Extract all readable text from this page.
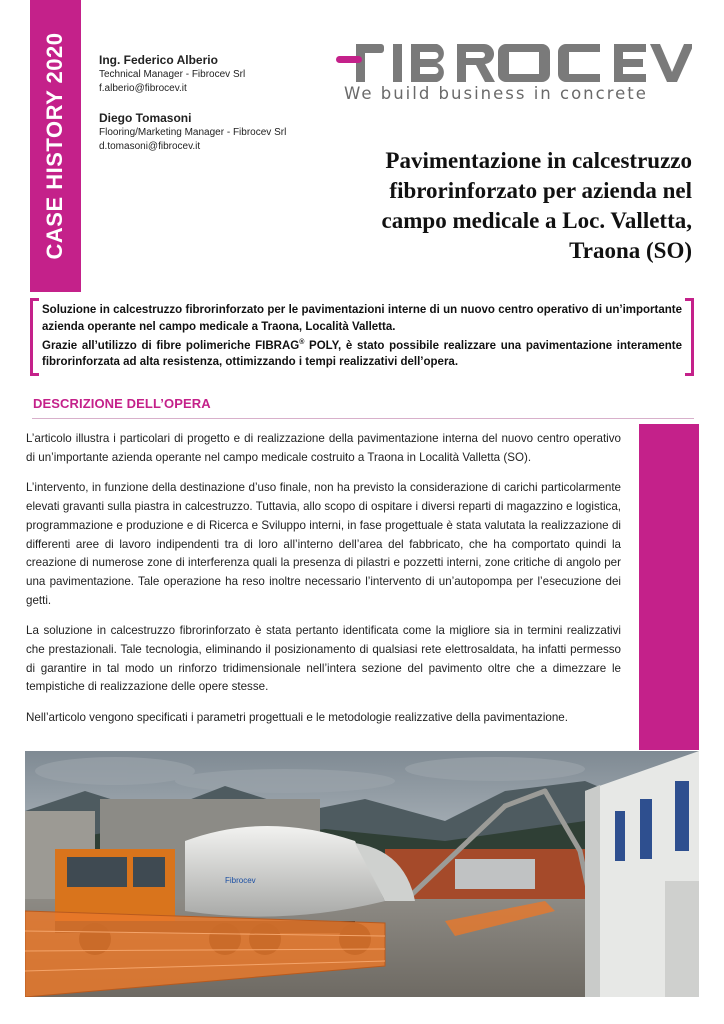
CASE HISTORY 2020	Ing. Federico Alberio
Technical Manager - Fibrocev Srl
f.alberio@fibrocev.it
Diego Tomasoni
Flooring/Marketing Manager - Fibrocev Srl
d.tomasoni@fibrocev.it
We build business in concrete
Pavimentazione in calcestruzzo
fibrorinforzato per azienda nel
campo medicale a Loc. Valletta,
Traona (SO)
Soluzione in calcestruzzo fibrorinforzato per le pavimentazioni interne di un nuovo centro operativo di un’importante azienda operante nel campo medicale a Traona, Località Valletta.
Grazie all’utilizzo di fibre polimeriche FIBRAG® POLY, è stato possibile realizzare una pavimentazione interamente fibrorinforzata ad alta resistenza, ottimizzando i tempi realizzativi dell’opera.
DESCRIZIONE DELL’OPERA

L’articolo illustra i particolari di progetto e di realizzazione della pavimentazione interna del nuovo centro operativo di un’importante azienda operante nel campo medicale costruito a Traona in Località Valletta (SO).

L’intervento, in funzione della destinazione d’uso finale, non ha previsto la considerazione di carichi particolarmente elevati gravanti sulla piastra in calcestruzzo. Tuttavia, allo scopo di ospitare i diversi reparti di magazzino e logistica, programmazione e produzione e di Ricerca e Sviluppo interni, in fase progettuale è stata valutata la realizzazione di differenti aree di lavoro indipendenti tra di loro all’interno dell’area del fabbricato, che ha comportato quindi la creazione di numerose zone di interferenza quali la presenza di pilastri e pozzetti interni, zone critiche di angolo per una pavimentazione. Tale operazione ha reso inoltre necessario l’intervento di un’autopompa per l’esecuzione dei getti.

La soluzione in calcestruzzo fibrorinforzato è stata pertanto identificata come la migliore sia in termini realizzativi che prestazionali. Tale tecnologia, eliminando il posizionamento di qualsiasi rete elettrosaldata, ha infatti permesso di garantire in tal modo un rinforzo tridimensionale nell’intera sezione del pavimento oltre che a dimezzare le tempistiche di realizzazione delle opere stesse.

Nell’articolo vengono specificati i parametri progettuali e le metodologie realizzative della pavimentazione.

Fibrocev
